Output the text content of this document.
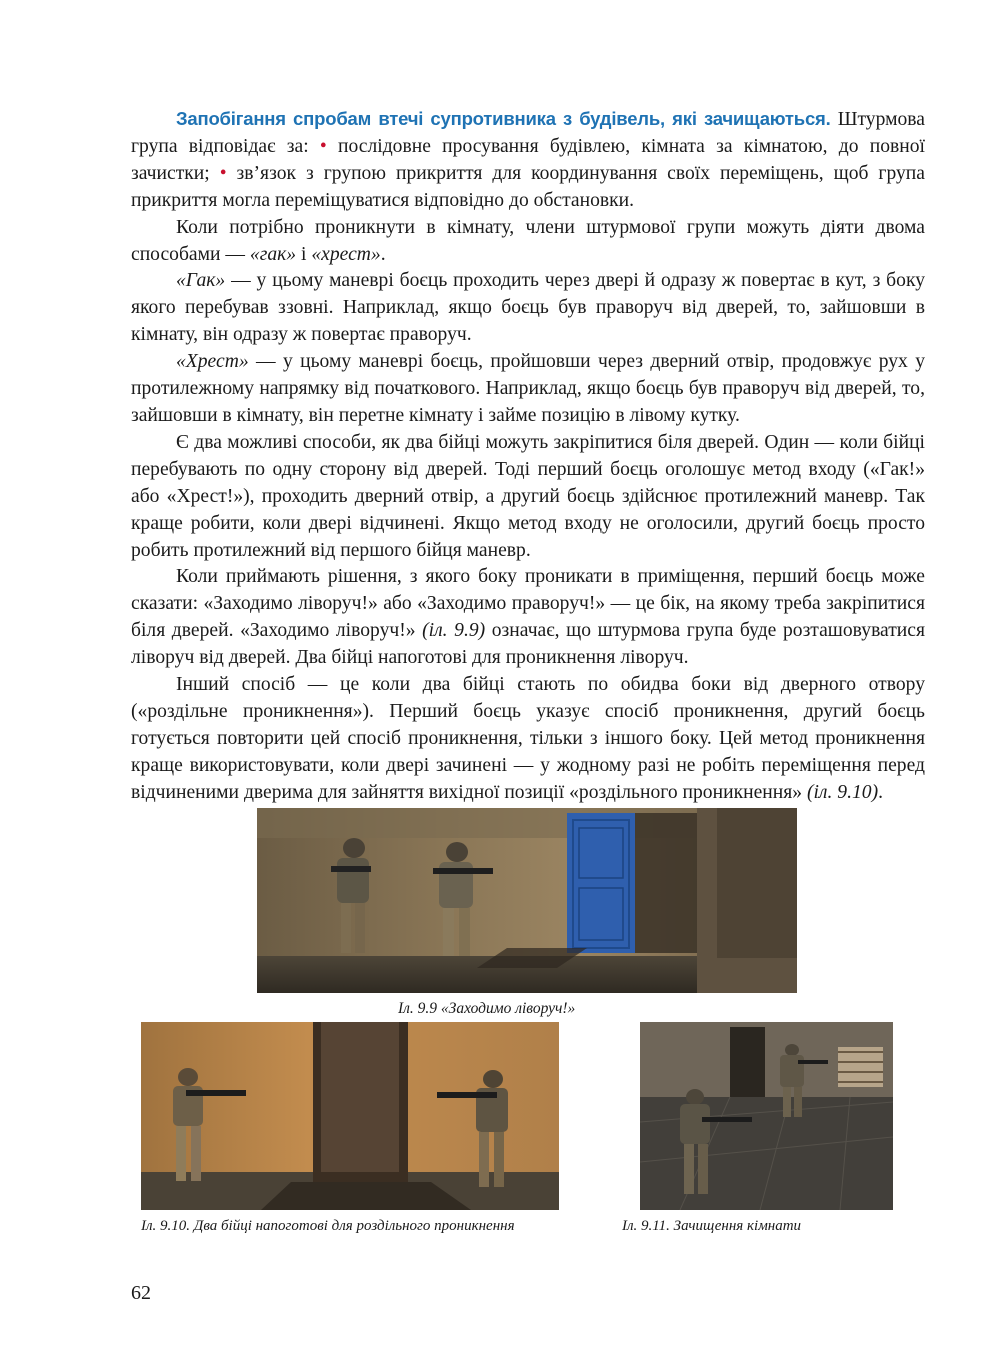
Запобігання спробам втечі супротивника з будівель, які зачищаються. Штурмова група відповідає за: • послідовне просування будівлею, кімната за кімнатою, до повної зачистки; • зв’язок з групою прикриття для координування своїх переміщень, щоб група прикриття могла переміщуватися відповідно до обстановки.

Коли потрібно проникнути в кімнату, члени штурмової групи можуть діяти двома способами — «гак» і «хрест».

«Гак» — у цьому маневрі боєць проходить через двері й одразу ж повертає в кут, з боку якого перебував ззовні. Наприклад, якщо боєць був праворуч від дверей, то, зайшовши в кімнату, він одразу ж повертає праворуч.

«Хрест» — у цьому маневрі боєць, пройшовши через дверний отвір, продовжує рух у протилежному напрямку від початкового. Наприклад, якщо боєць був праворуч від дверей, то, зайшовши в кімнату, він перетне кімнату і займе позицію в лівому кутку.

Є два можливі способи, як два бійці можуть закріпитися біля дверей. Один — коли бійці перебувають по одну сторону від дверей. Тоді перший боєць оголошує метод входу («Гак!» або «Хрест!»), проходить дверний отвір, а другий боєць здійснює протилежний маневр. Так краще робити, коли двері відчинені. Якщо метод входу не оголосили, другий боєць просто робить протилежний від першого бійця маневр.

Коли приймають рішення, з якого боку проникати в приміщення, перший боєць може сказати: «Заходимо ліворуч!» або «Заходимо праворуч!» — це бік, на якому треба закріпитися біля дверей. «Заходимо ліворуч!» (іл. 9.9) означає, що штурмова група буде розташовуватися ліворуч від дверей. Два бійці напоготові для проникнення ліворуч.

Інший спосіб — це коли два бійці стають по обидва боки від дверного отвору («роздільне проникнення»). Перший боєць указує спосіб проникнення, другий боєць готується повторити цей спосіб проникнення, тільки з іншого боку. Цей метод проникнення краще використовувати, коли двері зачинені — у жодному разі не робіть переміщення перед відчиненими дверима для зайняття вихідної позиції «роздільного проникнення» (іл. 9.10).

Іл. 9.9 «Заходимо ліворуч!»
Іл. 9.10. Два бійці напоготові для роздільного проникнення	Іл. 9.11. Зачищення кімнати
62
